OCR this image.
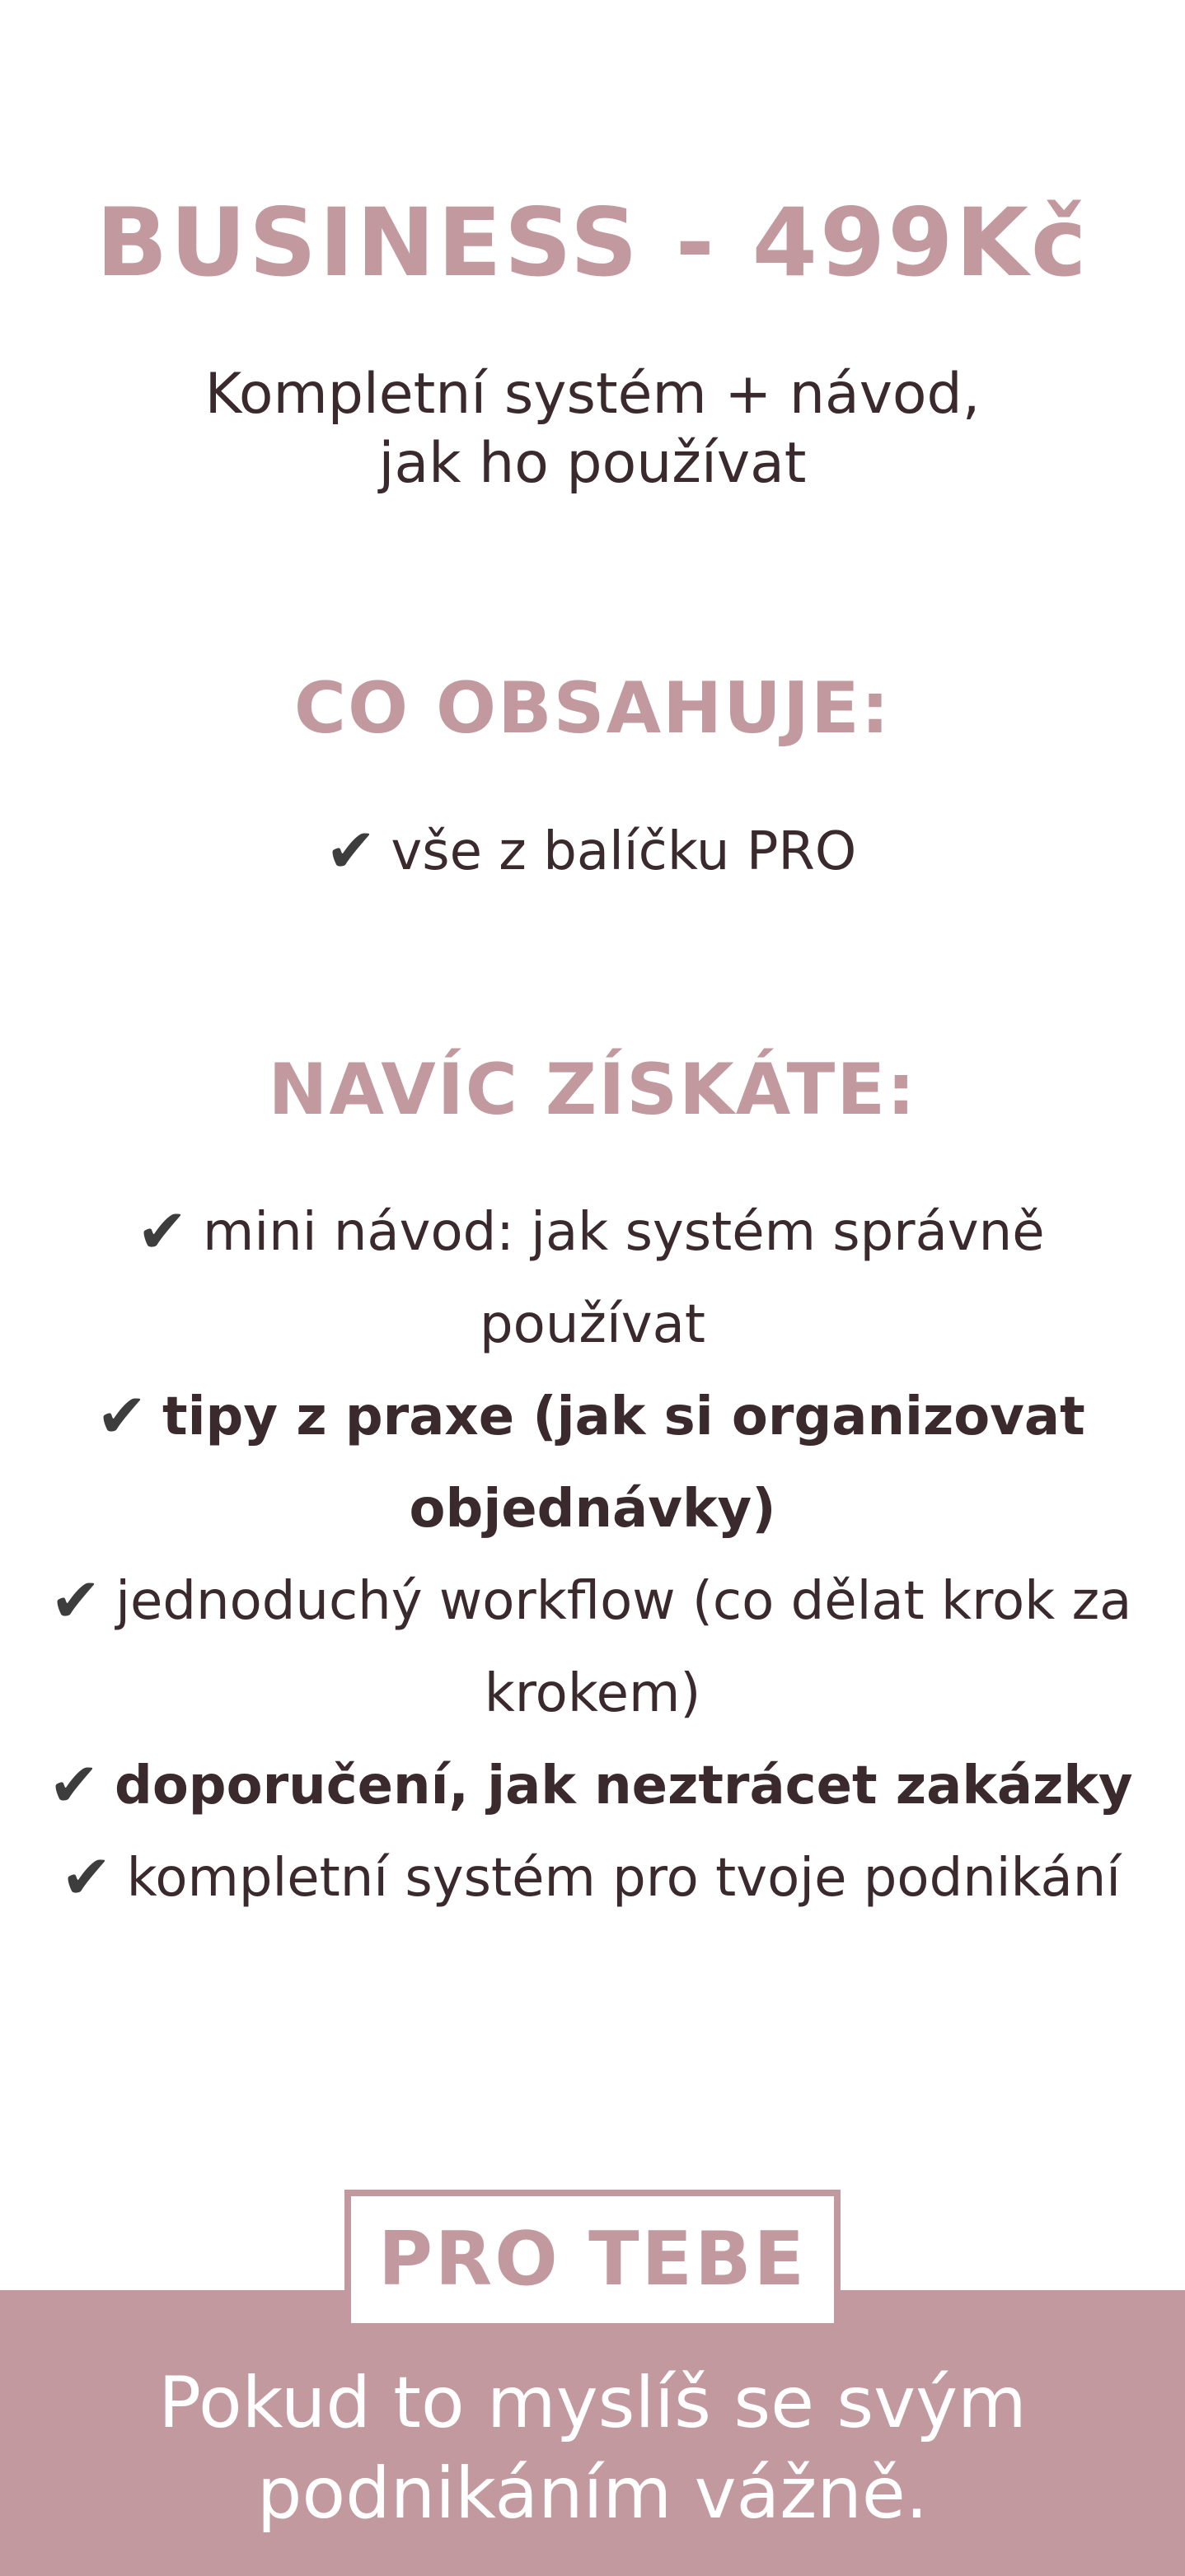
BUSINESS - 499Kč

Kompletní systém + návod,
jak ho používat

CO OBSAHUJE:
✔ vše z balíčku PRO
NAVÍC ZÍSKÁTE:
✔ mini návod: jak systém správně používat
✔ tipy z praxe (jak si organizovat objednávky)
✔ jednoduchý workflow (co dělat krok za krokem)
✔ doporučení, jak neztrácet zakázky
✔ kompletní systém pro tvoje podnikání
PRO TEBE

Pokud to myslíš se svým
podnikáním vážně.
